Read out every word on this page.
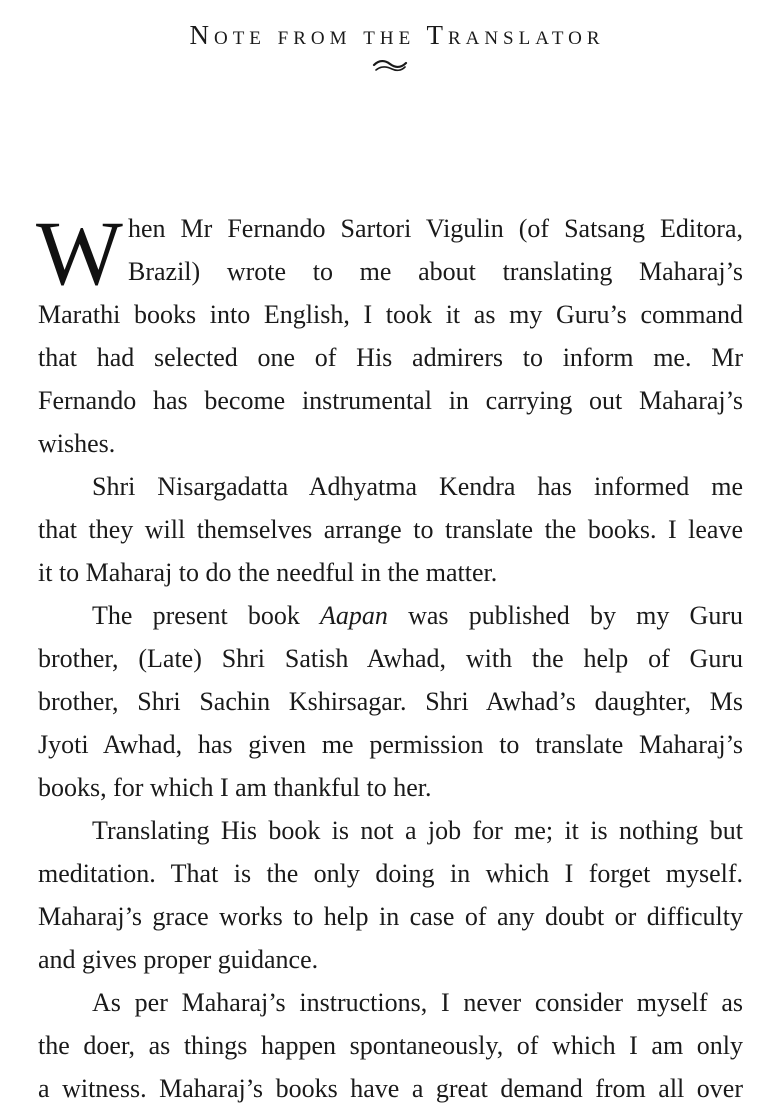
Note from the Translator
W hen Mr Fernando Sartori Vigulin (of Satsang Editora,
Brazil) wrote to me about translating Maharaj’s
Marathi books into English, I took it as my Guru’s command
that had selected one of His admirers to inform me. Mr
Fernando has become instrumental in carrying out Maharaj’s
wishes.
Shri Nisargadatta Adhyatma Kendra has informed me
that they will themselves arrange to translate the books. I leave
it to Maharaj to do the needful in the matter.
The present book Aapan was published by my Guru
brother, (Late) Shri Satish Awhad, with the help of Guru
brother, Shri Sachin Kshirsagar. Shri Awhad’s daughter, Ms
Jyoti Awhad, has given me permission to translate Maharaj’s
books, for which I am thankful to her.
Translating His book is not a job for me; it is nothing but
meditation. That is the only doing in which I forget myself.
Maharaj’s grace works to help in case of any doubt or difficulty
and gives proper guidance.
As per Maharaj’s instructions, I never consider myself as
the doer, as things happen spontaneously, of which I am only
a witness. Maharaj’s books have a great demand from all over
